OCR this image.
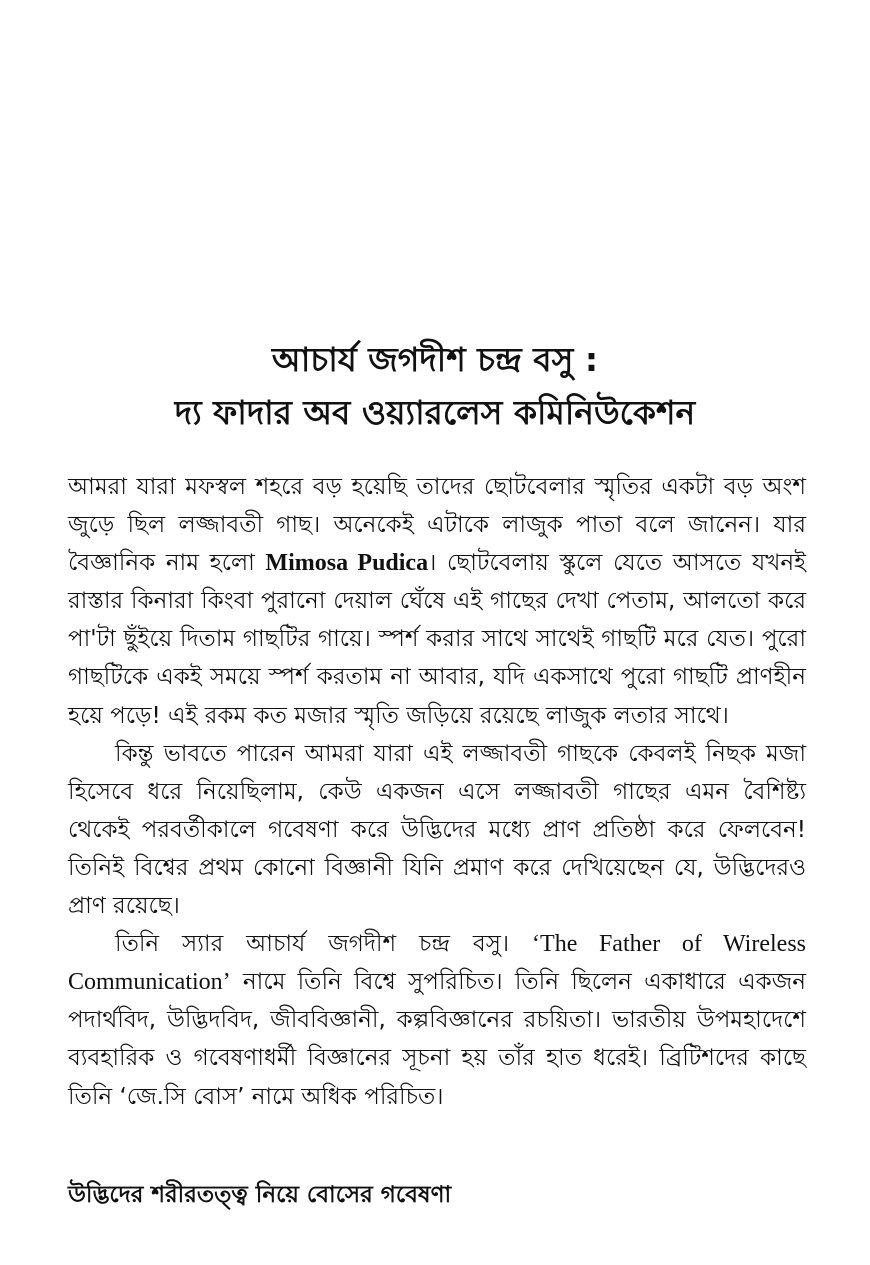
আচার্য জগদীশ চন্দ্র বসু :
দ্য ফাদার অব ওয়্যারলেস কমিনিউকেশন

আমরা যারা মফস্বল শহরে বড় হয়েছি তাদের ছোটবেলার স্মৃতির একটা বড় অংশ জুড়ে ছিল লজ্জাবতী গাছ। অনেকেই এটাকে লাজুক পাতা বলে জানেন। যার বৈজ্ঞানিক নাম হলো Mimosa Pudica। ছোটবেলায় স্কুলে যেতে আসতে যখনই রাস্তার কিনারা কিংবা পুরানো দেয়াল ঘেঁষে এই গাছের দেখা পেতাম, আলতো করে পা'টা ছুঁইয়ে দিতাম গাছটির গায়ে। স্পর্শ করার সাথে সাথেই গাছটি মরে যেত। পুরো গাছটিকে একই সময়ে স্পর্শ করতাম না আবার, যদি একসাথে পুরো গাছটি প্রাণহীন হয়ে পড়ে! এই রকম কত মজার স্মৃতি জড়িয়ে রয়েছে লাজুক লতার সাথে।

কিন্তু ভাবতে পারেন আমরা যারা এই লজ্জাবতী গাছকে কেবলই নিছক মজা হিসেবে ধরে নিয়েছিলাম, কেউ একজন এসে লজ্জাবতী গাছের এমন বৈশিষ্ট্য থেকেই পরবর্তীকালে গবেষণা করে উদ্ভিদের মধ্যে প্রাণ প্রতিষ্ঠা করে ফেলবেন! তিনিই বিশ্বের প্রথম কোনো বিজ্ঞানী যিনি প্রমাণ করে দেখিয়েছেন যে, উদ্ভিদেরও প্রাণ রয়েছে।

তিনি স্যার আচার্য জগদীশ চন্দ্র বসু। ‘The Father of Wireless Communication’ নামে তিনি বিশ্বে সুপরিচিত। তিনি ছিলেন একাধারে একজন পদার্থবিদ, উদ্ভিদবিদ, জীববিজ্ঞানী, কল্পবিজ্ঞানের রচয়িতা। ভারতীয় উপমহাদেশে ব্যবহারিক ও গবেষণাধর্মী বিজ্ঞানের সূচনা হয় তাঁর হাত ধরেই। ব্রিটিশদের কাছে তিনি ‘জে.সি বোস’ নামে অধিক পরিচিত।

উদ্ভিদের শরীরতত্ত্ব নিয়ে বোসের গবেষণা
